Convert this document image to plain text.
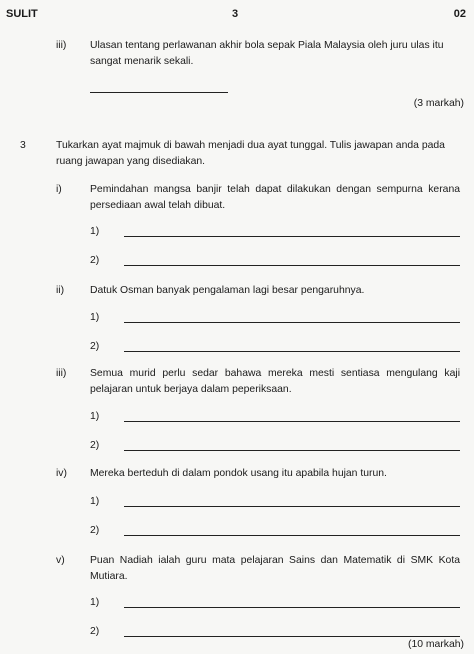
SULIT	3	02
iii) Ulasan tentang perlawanan akhir bola sepak Piala Malaysia oleh juru ulas itu sangat menarik sekali.
(3 markah)
3	Tukarkan ayat majmuk di bawah menjadi dua ayat tunggal. Tulis jawapan anda pada ruang jawapan yang disediakan.
i)	Pemindahan mangsa banjir telah dapat dilakukan dengan sempurna kerana persediaan awal telah dibuat.
1)
2)
ii) Datuk Osman banyak pengalaman lagi besar pengaruhnya.
1)
2)
iii) Semua murid perlu sedar bahawa mereka mesti sentiasa mengulang kaji pelajaran untuk berjaya dalam peperiksaan.
1)
2)
iv) Mereka berteduh di dalam pondok usang itu apabila hujan turun.
1)
2)
v) Puan Nadiah ialah guru mata pelajaran Sains dan Matematik di SMK Kota Mutiara.
1)
2)
(10 markah)
